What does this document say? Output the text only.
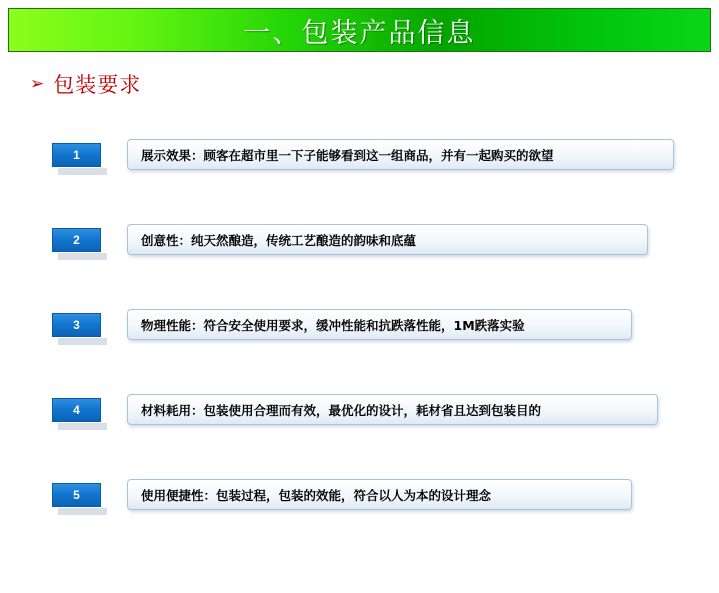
一、包装产品信息
➢ 包装要求
1	展示效果：顾客在超市里一下子能够看到这一组商品，并有一起购买的欲望
2	创意性：纯天然酿造，传统工艺酿造的韵味和底蕴
3	物理性能：符合安全使用要求，缓冲性能和抗跌落性能，1M跌落实验
4	材料耗用：包装使用合理而有效，最优化的设计，耗材省且达到包装目的
5	使用便捷性：包装过程，包装的效能，符合以人为本的设计理念
